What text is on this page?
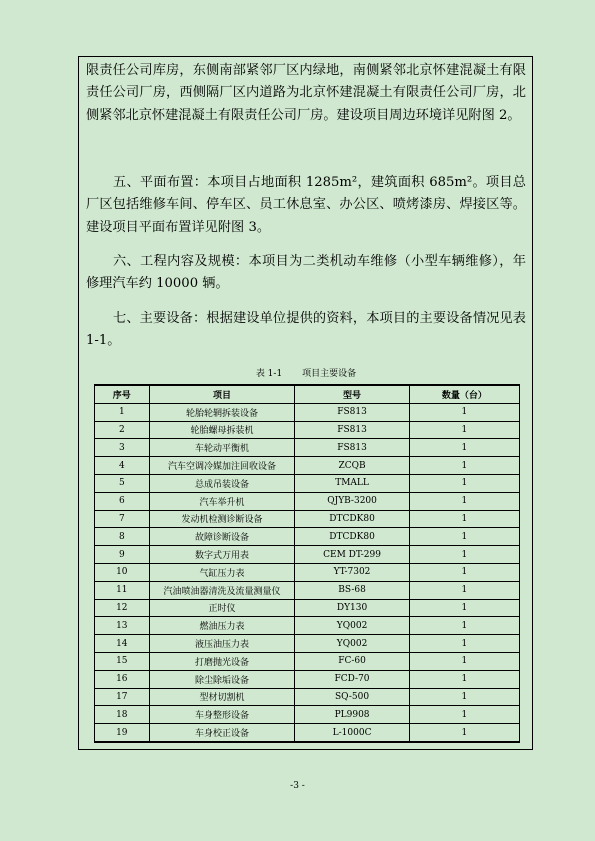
限责任公司库房，东侧南部紧邻厂区内绿地，南侧紧邻北京怀建混凝土有限责任公司厂房，西侧隔厂区内道路为北京怀建混凝土有限责任公司厂房，北侧紧邻北京怀建混凝土有限责任公司厂房。建设项目周边环境详见附图 2。

五、平面布置：本项目占地面积 1285m²，建筑面积 685m²。项目总厂区包括维修车间、停车区、员工休息室、办公区、喷烤漆房、焊接区等。建设项目平面布置详见附图 3。

六、工程内容及规模：本项目为二类机动车维修（小型车辆维修），年修理汽车约 10000 辆。

七、主要设备：根据建设单位提供的资料，本项目的主要设备情况见表 1-1。

表 1-1 项目主要设备
序号	项目	型号	数量（台）
1	轮胎轮辋拆装设备	FS813	1
2	轮胎螺母拆装机	FS813	1
3	车轮动平衡机	FS813	1
4	汽车空调冷媒加注回收设备	ZCQB	1
5	总成吊装设备	TMALL	1
6	汽车举升机	QJYB-3200	1
7	发动机检测诊断设备	DTCDK80	1
8	故障诊断设备	DTCDK80	1
9	数字式万用表	CEM DT-299	1
10	气缸压力表	YT-7302	1
11	汽油喷油器清洗及流量测量仪	BS-68	1
12	正时仪	DY130	1
13	燃油压力表	YQ002	1
14	液压油压力表	YQ002	1
15	打磨抛光设备	FC-60	1
16	除尘除垢设备	FCD-70	1
17	型材切割机	SQ-500	1
18	车身整形设备	PL9908	1
19	车身校正设备	L-1000C	1
-3 -
